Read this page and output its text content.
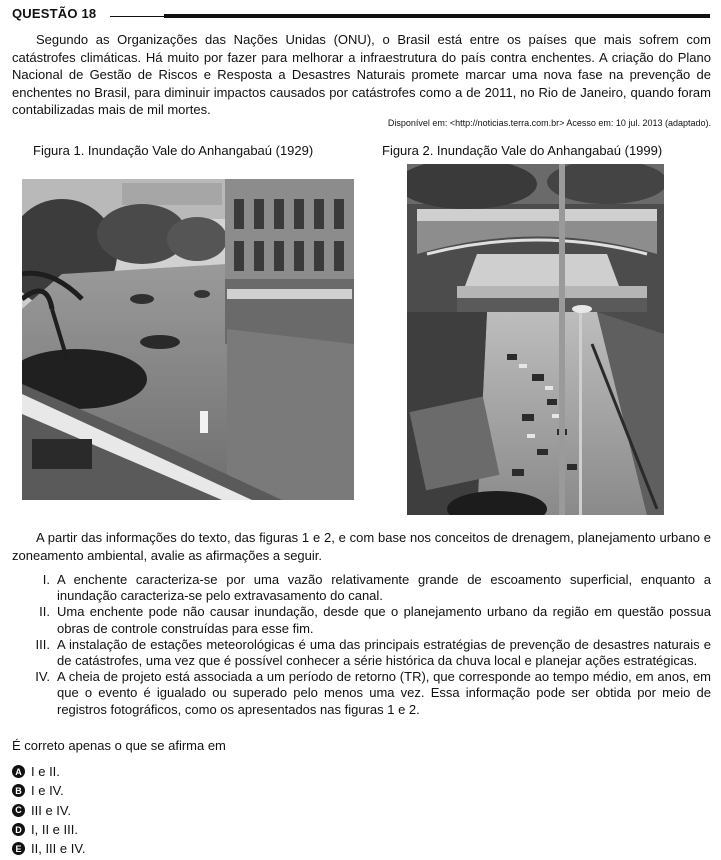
QUESTÃO 18

Segundo as Organizações das Nações Unidas (ONU), o Brasil está entre os países que mais sofrem com catástrofes climáticas. Há muito por fazer para melhorar a infraestrutura do país contra enchentes. A criação do Plano Nacional de Gestão de Riscos e Resposta a Desastres Naturais promete marcar uma nova fase na prevenção de enchentes no Brasil, para diminuir impactos causados por catástrofes como a de 2011, no Rio de Janeiro, quando foram contabilizadas mais de mil mortes.

Disponível em: <http://noticias.terra.com.br> Acesso em: 10 jul. 2013 (adaptado).
Figura 1. Inundação Vale do Anhangabaú (1929)	Figura 2. Inundação Vale do Anhangabaú (1999)

A partir das informações do texto, das figuras 1 e 2, e com base nos conceitos de drenagem, planejamento urbano e zoneamento ambiental, avalie as afirmações a seguir.

I. A enchente caracteriza-se por uma vazão relativamente grande de escoamento superficial, enquanto a inundação caracteriza-se pelo extravasamento do canal.
II. Uma enchente pode não causar inundação, desde que o planejamento urbano da região em questão possua obras de controle construídas para esse fim.
III. A instalação de estações meteorológicas é uma das principais estratégias de prevenção de desastres naturais e de catástrofes, uma vez que é possível conhecer a série histórica da chuva local e planejar ações estratégicas.
IV. A cheia de projeto está associada a um período de retorno (TR), que corresponde ao tempo médio, em anos, em que o evento é igualado ou superado pelo menos uma vez. Essa informação pode ser obtida por meio de registros fotográficos, como os apresentados nas figuras 1 e 2.
É correto apenas o que se afirma em
A I e II.
B I e IV.
C III e IV.
D I, II e III.
E II, III e IV.
